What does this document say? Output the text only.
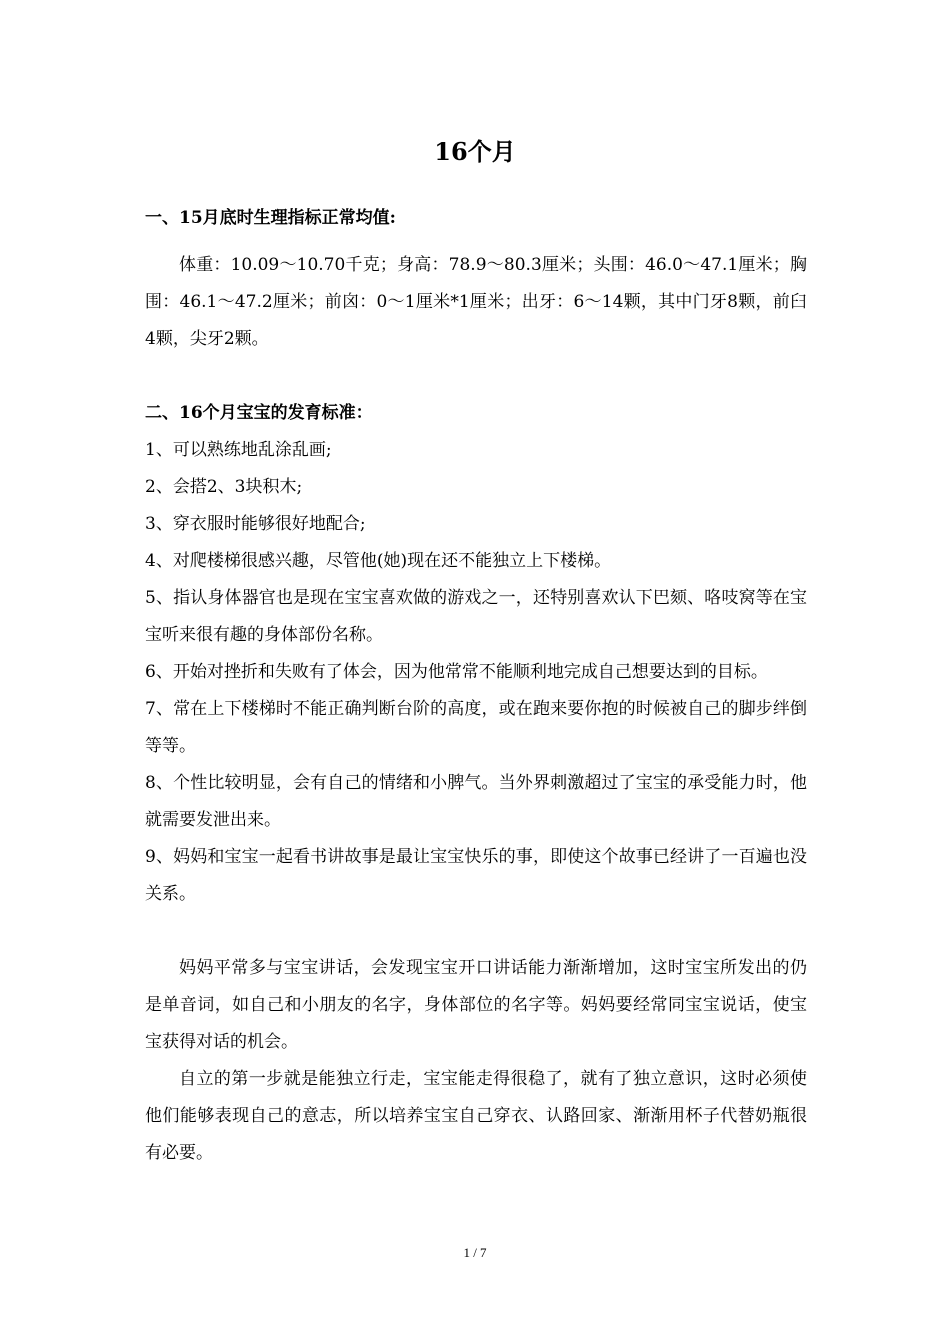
16个月

一、15月底时生理指标正常均值:

体重：10.09～10.70千克；身高：78.9～80.3厘米；头围：46.0～47.1厘米；胸围：46.1～47.2厘米；前囟：0～1厘米*1厘米；出牙：6～14颗，其中门牙8颗，前臼4颗，尖牙2颗。

二、16个月宝宝的发育标准：

1、可以熟练地乱涂乱画;

2、会搭2、3块积木;

3、穿衣服时能够很好地配合;

4、对爬楼梯很感兴趣，尽管他(她)现在还不能独立上下楼梯。

5、指认身体器官也是现在宝宝喜欢做的游戏之一，还特别喜欢认下巴颏、咯吱窝等在宝宝听来很有趣的身体部份名称。

6、开始对挫折和失败有了体会，因为他常常不能顺利地完成自己想要达到的目标。

7、常在上下楼梯时不能正确判断台阶的高度，或在跑来要你抱的时候被自己的脚步绊倒等等。

8、个性比较明显，会有自己的情绪和小脾气。当外界刺激超过了宝宝的承受能力时，他就需要发泄出来。

9、妈妈和宝宝一起看书讲故事是最让宝宝快乐的事，即使这个故事已经讲了一百遍也没关系。

妈妈平常多与宝宝讲话，会发现宝宝开口讲话能力渐渐增加，这时宝宝所发出的仍是单音词，如自己和小朋友的名字，身体部位的名字等。妈妈要经常同宝宝说话，使宝宝获得对话的机会。

自立的第一步就是能独立行走，宝宝能走得很稳了，就有了独立意识，这时必须使他们能够表现自己的意志，所以培养宝宝自己穿衣、认路回家、渐渐用杯子代替奶瓶很有必要。

1 / 7
